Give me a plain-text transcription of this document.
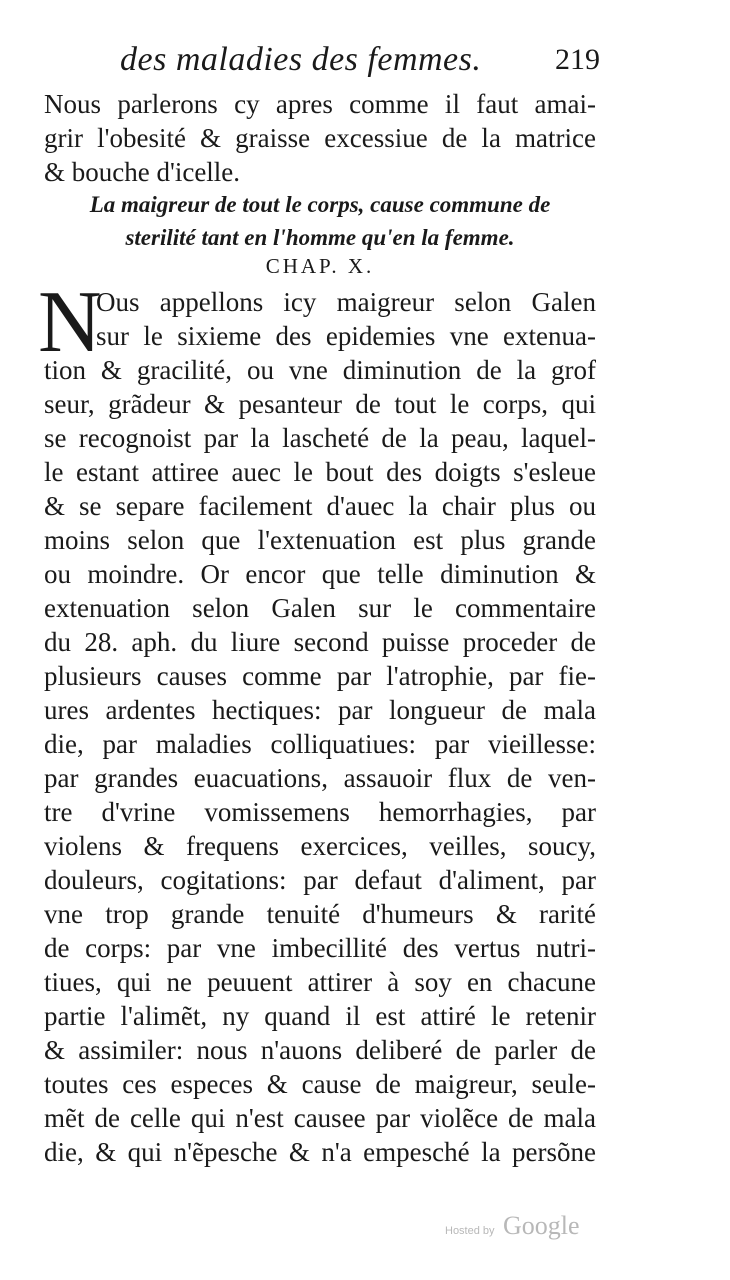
des maladies des femmes. 219
Nous parlerons cy apres comme il faut amai-
grir l'obesité & graisse excessiue de la matrice
& bouche d'icelle.
La maigreur de tout le corps, cause commune de
sterilité tant en l'homme qu'en la femme.
CHAP. X.
N
Ous appellons icy maigreur selon Galen
sur le sixieme des epidemies vne extenua-
tion & gracilité, ou vne diminution de la grof
seur, grãdeur & pesanteur de tout le corps, qui
se recognoist par la lascheté de la peau, laquel-
le estant attiree auec le bout des doigts s'esleue
& se separe facilement d'auec la chair plus ou
moins selon que l'extenuation est plus grande
ou moindre. Or encor que telle diminution &
extenuation selon Galen sur le commentaire
du 28. aph. du liure second puisse proceder de
plusieurs causes comme par l'atrophie, par fie-
ures ardentes hectiques: par longueur de mala
die, par maladies colliquatiues: par vieillesse:
par grandes euacuations, assauoir flux de ven-
tre d'vrine vomissemens hemorrhagies, par
violens & frequens exercices, veilles, soucy,
douleurs, cogitations: par defaut d'aliment, par
vne trop grande tenuité d'humeurs & rarité
de corps: par vne imbecillité des vertus nutri-
tiues, qui ne peuuent attirer à soy en chacune
partie l'alimẽt, ny quand il est attiré le retenir
& assimiler: nous n'auons deliberé de parler de
toutes ces especes & cause de maigreur, seule-
mẽt de celle qui n'est causee par violẽce de mala
die, & qui n'ẽpesche & n'a empesché la persõne
Hosted by Google
